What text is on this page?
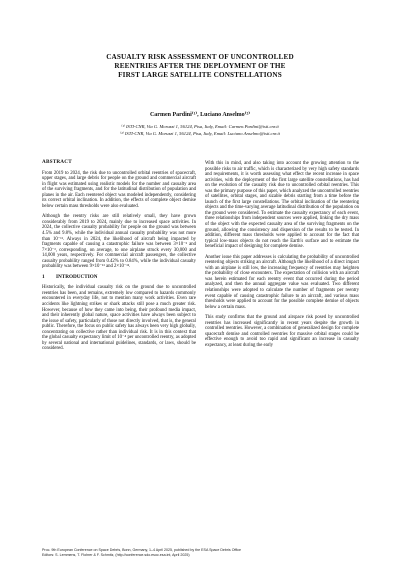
CASUALTY RISK ASSESSMENT OF UNCONTROLLED
REENTRIES AFTER THE DEPLOYMENT OF THE
FIRST LARGE SATELLITE CONSTELLATIONS
Carmen Pardini⁽¹⁾, Luciano Anselmo⁽²⁾
⁽¹⁾ ISTI-CNR, Via G. Moruzzi 1, 56124, Pisa, Italy, Email: Carmen.Pardini@isti.cnr.it
⁽²⁾ ISTI-CNR, Via G. Moruzzi 1, 56124, Pisa, Italy, Email: Luciano.Anselmo@isti.cnr.it
ABSTRACT

From 2019 to 2024, the risk due to uncontrolled orbital reentries of spacecraft, upper stages, and large debris for people on the ground and commercial aircraft in flight was estimated using realistic models for the number and casualty area of the surviving fragments, and for the latitudinal distribution of population and planes in the air. Each reentered object was modeled independently, considering its correct orbital inclination. In addition, the effects of complete object demise below certain mass thresholds were also evaluated.

Although the reentry risks are still relatively small, they have grown considerably from 2019 to 2024, mainly due to increased space activities. In 2024, the collective casualty probability for people on the ground was between 4.5% and 9.8%, while the individual annual casualty probability was not more than 10⁻¹¹. Always in 2024, the likelihood of aircraft being impacted by fragments capable of causing a catastrophic failure was between 3×10⁻³ and 7×10⁻³, corresponding, on average, to one airplane struck every 30,000 and 14,000 years, respectively. For commercial aircraft passengers, the collective casualty probability ranged from 0.42% to 0.84%, while the individual casualty probability was between 9×10⁻¹³ and 2×10⁻¹².

1 INTRODUCTION

Historically, the individual casualty risk on the ground due to uncontrolled reentries has been, and remains, extremely low compared to hazards commonly encountered in everyday life, not to mention many work activities. Even rare accidents like lightning strikes or shark attacks still pose a much greater risk. However, because of how they came into being, their profound media impact, and their inherently global nature, space activities have always been subject to the issue of safety, particularly of those not directly involved, that is, the general public. Therefore, the focus on public safety has always been very high globally, concentrating on collective rather than individual risk. It is in this context that the global casualty expectancy limit of 10⁻⁴ per uncontrolled reentry, as adopted by several national and international guidelines, standards, or laws, should be considered.

With this in mind, and also taking into account the growing attention to the possible risks to air traffic, which is characterized by very high safety standards and requirements, it is worth assessing what effect the recent increase in space activities, with the deployment of the first large satellite constellations, has had on the evolution of the casualty risk due to uncontrolled orbital reentries. This was the primary purpose of this paper, which analyzed the uncontrolled reentries of satellites, orbital stages, and sizable debris starting from a time before the launch of the first large constellations. The orbital inclination of the reentering objects and the time-varying average latitudinal distribution of the population on the ground were considered. To estimate the casualty expectancy of each event, three relationships from independent sources were applied, linking the dry mass of the object with the expected casualty area of the surviving fragments on the ground, allowing the consistency and dispersion of the results to be tested. In addition, different mass thresholds were applied to account for the fact that typical low-mass objects do not reach the Earth's surface and to estimate the beneficial impact of designing for complete demise.

Another issue this paper addresses is calculating the probability of uncontrolled reentering objects striking an aircraft. Although the likelihood of a direct impact with an airplane is still low, the increasing frequency of reentries may heighten the probability of close encounters. The expectation of collision with an aircraft was herein estimated for each reentry event that occurred during the period analyzed, and then the annual aggregate value was evaluated. Two different relationships were adopted to calculate the number of fragments per reentry event capable of causing catastrophic failure to an aircraft, and various mass thresholds were applied to account for the possible complete demise of objects below a certain mass.

This study confirms that the ground and airspace risk posed by uncontrolled reentries has increased significantly in recent years despite the growth in controlled reentries. However, a combination of generalized design for complete spacecraft demise and controlled reentries for massive orbital stages could be effective enough to avoid too rapid and significant an increase in casualty expectancy, at least during the early

Proc. 9th European Conference on Space Debris, Bonn, Germany, 1–4 April 2025, published by the ESA Space Debris Office
Editors: S. Lemmens, T. Flohrer & F. Schmitz, (http://conference.sdo.esoc.esa.int, April 2025)
